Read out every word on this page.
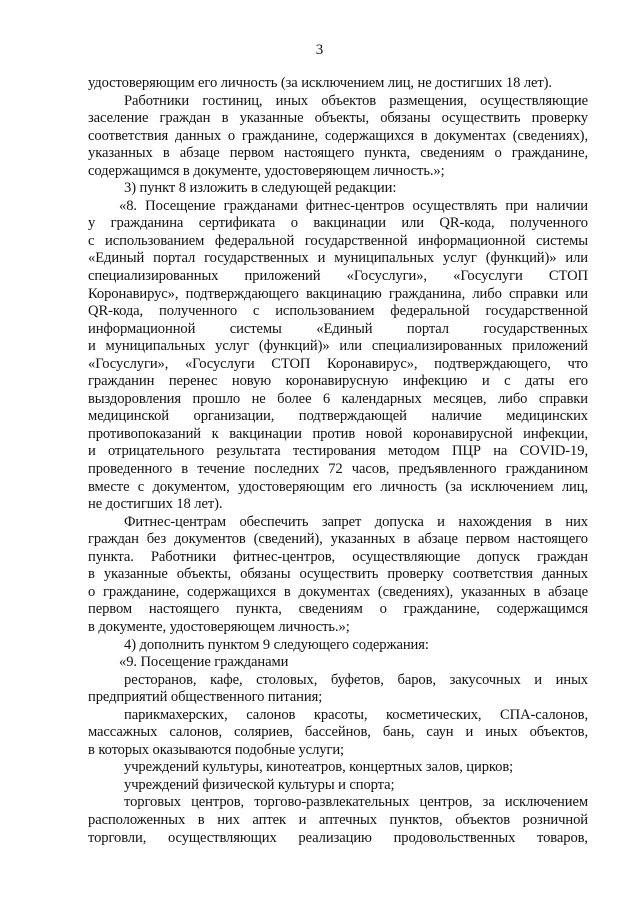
3
удостоверяющим его личность (за исключением лиц, не достигших 18 лет).
Работники гостиниц, иных объектов размещения, осуществляющие
заселение граждан в указанные объекты, обязаны осуществить проверку
соответствия данных о гражданине, содержащихся в документах (сведениях),
указанных в абзаце первом настоящего пункта, сведениям о гражданине,
содержащимся в документе, удостоверяющем личность.»;
3) пункт 8 изложить в следующей редакции:
«8. Посещение гражданами фитнес-центров осуществлять при наличии
у гражданина сертификата о вакцинации или QR-кода, полученного
с использованием федеральной государственной информационной системы
«Единый портал государственных и муниципальных услуг (функций)» или
специализированных приложений «Госуслуги», «Госуслуги СТОП
Коронавирус», подтверждающего вакцинацию гражданина, либо справки или
QR-кода, полученного с использованием федеральной государственной
информационной системы «Единый портал государственных
и муниципальных услуг (функций)» или специализированных приложений
«Госуслуги», «Госуслуги СТОП Коронавирус», подтверждающего, что
гражданин перенес новую коронавирусную инфекцию и с даты его
выздоровления прошло не более 6 календарных месяцев, либо справки
медицинской организации, подтверждающей наличие медицинских
противопоказаний к вакцинации против новой коронавирусной инфекции,
и отрицательного результата тестирования методом ПЦР на COVID-19,
проведенного в течение последних 72 часов, предъявленного гражданином
вместе с документом, удостоверяющим его личность (за исключением лиц,
не достигших 18 лет).
Фитнес-центрам обеспечить запрет допуска и нахождения в них
граждан без документов (сведений), указанных в абзаце первом настоящего
пункта. Работники фитнес-центров, осуществляющие допуск граждан
в указанные объекты, обязаны осуществить проверку соответствия данных
о гражданине, содержащихся в документах (сведениях), указанных в абзаце
первом настоящего пункта, сведениям о гражданине, содержащимся
в документе, удостоверяющем личность.»;
4) дополнить пунктом 9 следующего содержания:
«9. Посещение гражданами
ресторанов, кафе, столовых, буфетов, баров, закусочных и иных
предприятий общественного питания;
парикмахерских, салонов красоты, косметических, СПА-салонов,
массажных салонов, соляриев, бассейнов, бань, саун и иных объектов,
в которых оказываются подобные услуги;
учреждений культуры, кинотеатров, концертных залов, цирков;
учреждений физической культуры и спорта;
торговых центров, торгово-развлекательных центров, за исключением
расположенных в них аптек и аптечных пунктов, объектов розничной
торговли, осуществляющих реализацию продовольственных товаров,
